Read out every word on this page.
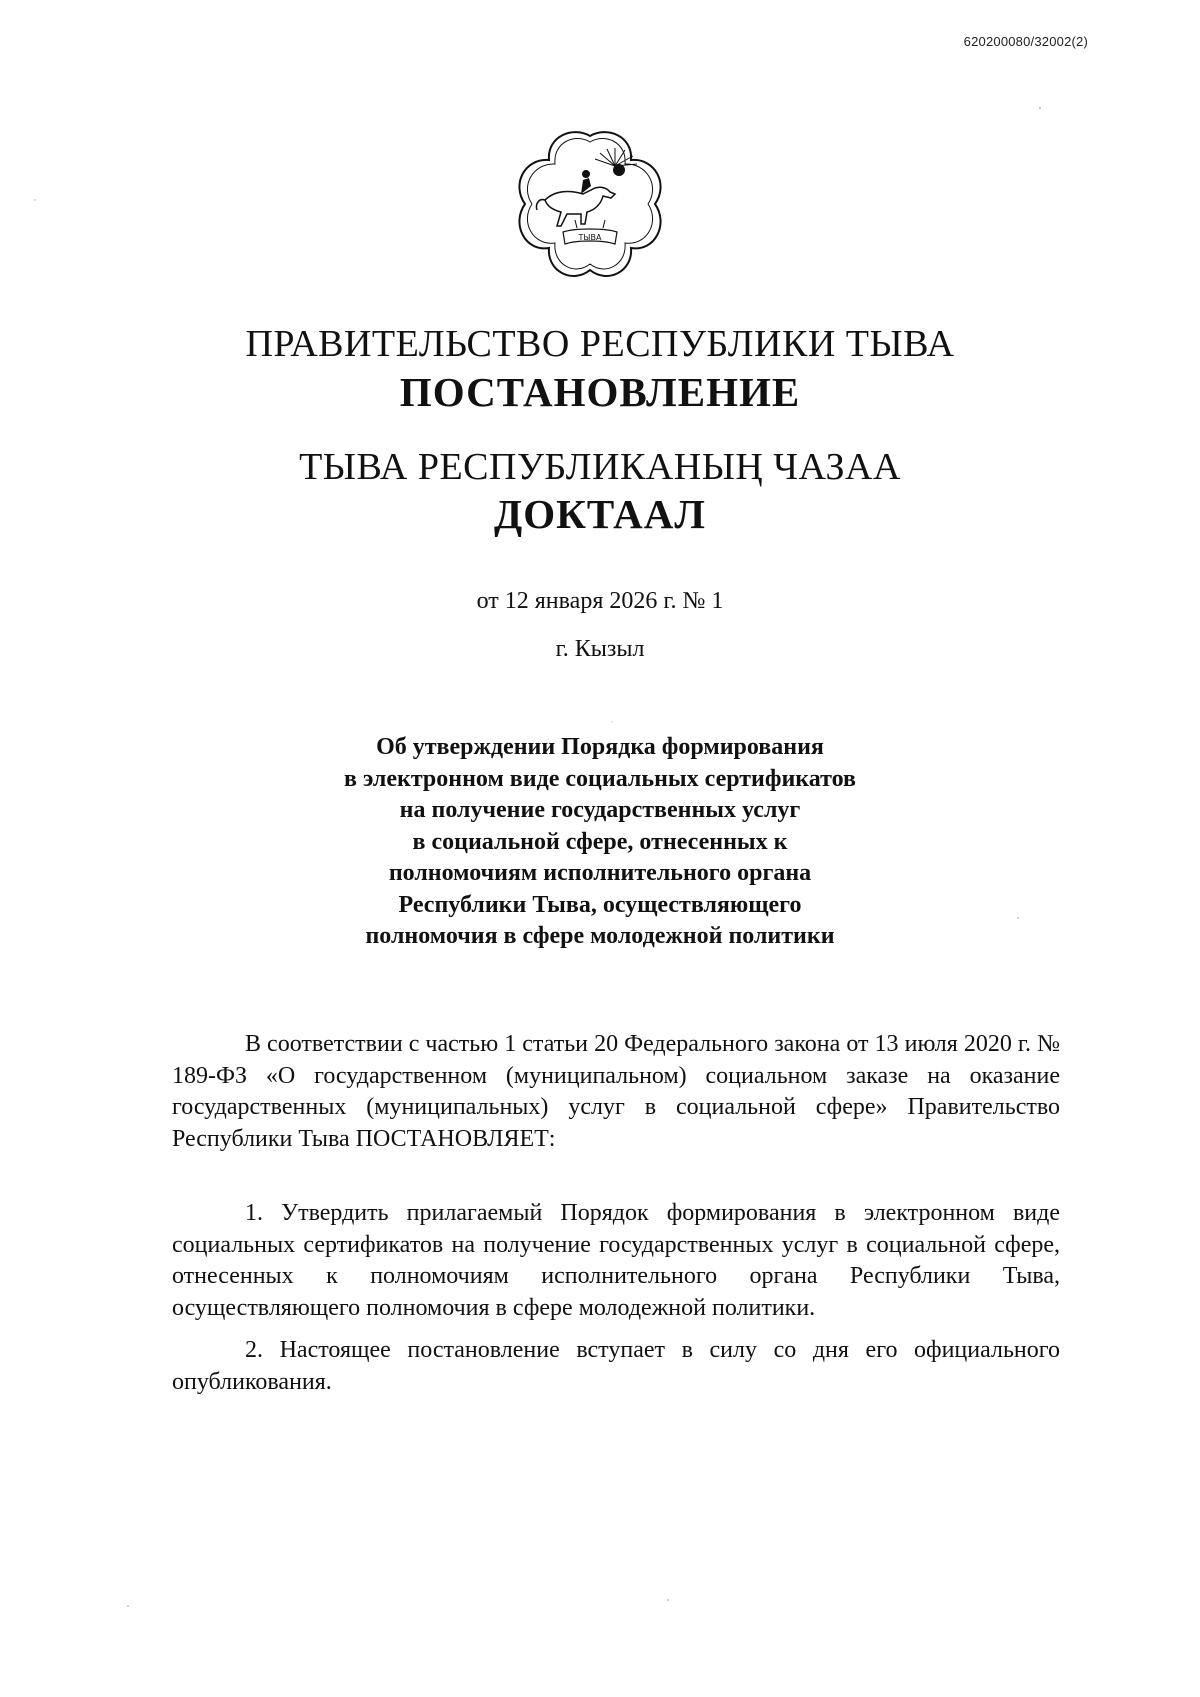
620200080/32002(2)
ТЫВА
ПРАВИТЕЛЬСТВО РЕСПУБЛИКИ ТЫВА
ПОСТАНОВЛЕНИЕ
ТЫВА РЕСПУБЛИКАНЫҢ ЧАЗАА
ДОКТААЛ
от 12 января 2026 г. № 1
г. Кызыл
Об утверждении Порядка формирования
в электронном виде социальных сертификатов
на получение государственных услуг
в социальной сфере, отнесенных к
полномочиям исполнительного органа
Республики Тыва, осуществляющего
полномочия в сфере молодежной политики

В соответствии с частью 1 статьи 20 Федерального закона от 13 июля 2020 г. № 189-ФЗ «О государственном (муниципальном) социальном заказе на оказание государственных (муниципальных) услуг в социальной сфере» Правительство Республики Тыва ПОСТАНОВЛЯЕТ:

1. Утвердить прилагаемый Порядок формирования в электронном виде социальных сертификатов на получение государственных услуг в социальной сфере, отнесенных к полномочиям исполнительного органа Республики Тыва, осуществляющего полномочия в сфере молодежной политики.

2. Настоящее постановление вступает в силу со дня его официального опубликования.
